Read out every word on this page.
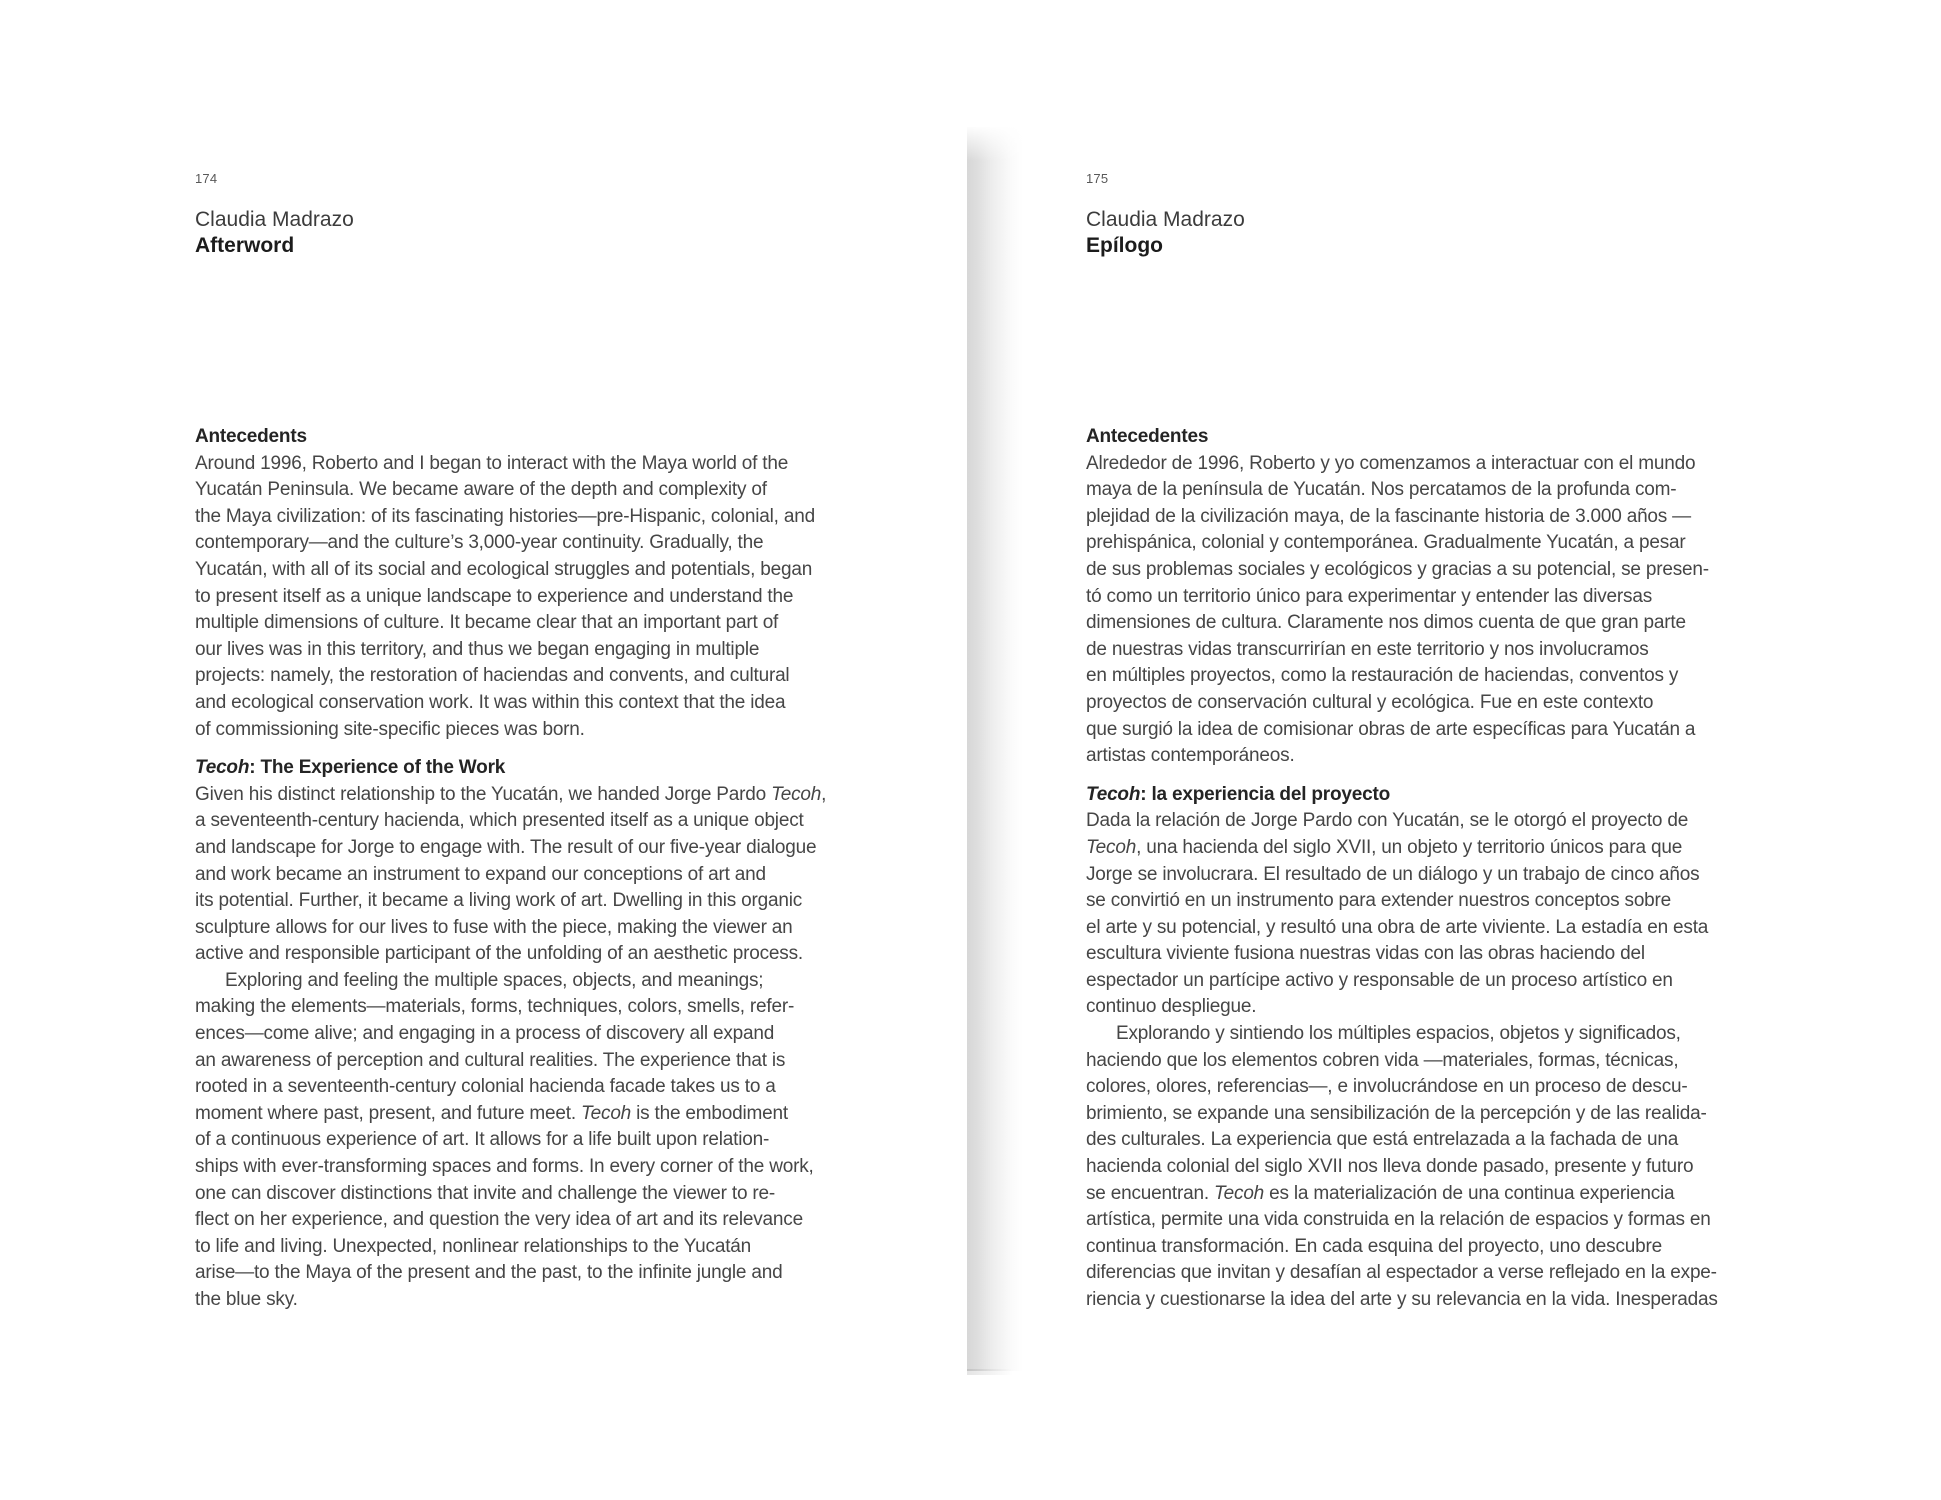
174
Claudia Madrazo
Afterword
Antecedents
Around 1996, Roberto and I began to interact with the Maya world of the
Yucatán Peninsula. We became aware of the depth and complexity of
the Maya civilization: of its fascinating histories—pre-Hispanic, colonial, and
contemporary—and the culture’s 3,000-year continuity. Gradually, the
Yucatán, with all of its social and ecological struggles and potentials, began
to present itself as a unique landscape to experience and understand the
multiple dimensions of culture. It became clear that an important part of
our lives was in this territory, and thus we began engaging in multiple
projects: namely, the restoration of haciendas and convents, and cultural
and ecological conservation work. It was within this context that the idea
of commissioning site-specific pieces was born.
Tecoh: The Experience of the Work
Given his distinct relationship to the Yucatán, we handed Jorge Pardo Tecoh,
a seventeenth-century hacienda, which presented itself as a unique object
and landscape for Jorge to engage with. The result of our five-year dialogue
and work became an instrument to expand our conceptions of art and
its potential. Further, it became a living work of art. Dwelling in this organic
sculpture allows for our lives to fuse with the piece, making the viewer an
active and responsible participant of the unfolding of an aesthetic process.
Exploring and feeling the multiple spaces, objects, and meanings;
making the elements—materials, forms, techniques, colors, smells, refer-
ences—come alive; and engaging in a process of discovery all expand
an awareness of perception and cultural realities. The experience that is
rooted in a seventeenth-century colonial hacienda facade takes us to a
moment where past, present, and future meet. Tecoh is the embodiment
of a continuous experience of art. It allows for a life built upon relation-
ships with ever-transforming spaces and forms. In every corner of the work,
one can discover distinctions that invite and challenge the viewer to re-
flect on her experience, and question the very idea of art and its relevance
to life and living. Unexpected, nonlinear relationships to the Yucatán
arise—to the Maya of the present and the past, to the infinite jungle and
the blue sky.
175
Claudia Madrazo
Epílogo
Antecedentes
Alrededor de 1996, Roberto y yo comenzamos a interactuar con el mundo
maya de la península de Yucatán. Nos percatamos de la profunda com-
plejidad de la civilización maya, de la fascinante historia de 3.000 años —
prehispánica, colonial y contemporánea. Gradualmente Yucatán, a pesar
de sus problemas sociales y ecológicos y gracias a su potencial, se presen-
tó como un territorio único para experimentar y entender las diversas
dimensiones de cultura. Claramente nos dimos cuenta de que gran parte
de nuestras vidas transcurrirían en este territorio y nos involucramos
en múltiples proyectos, como la restauración de haciendas, conventos y
proyectos de conservación cultural y ecológica. Fue en este contexto
que surgió la idea de comisionar obras de arte específicas para Yucatán a
artistas contemporáneos.
Tecoh: la experiencia del proyecto
Dada la relación de Jorge Pardo con Yucatán, se le otorgó el proyecto de
Tecoh, una hacienda del siglo XVII, un objeto y territorio únicos para que
Jorge se involucrara. El resultado de un diálogo y un trabajo de cinco años
se convirtió en un instrumento para extender nuestros conceptos sobre
el arte y su potencial, y resultó una obra de arte viviente. La estadía en esta
escultura viviente fusiona nuestras vidas con las obras haciendo del
espectador un partícipe activo y responsable de un proceso artístico en
continuo despliegue.
Explorando y sintiendo los múltiples espacios, objetos y significados,
haciendo que los elementos cobren vida —materiales, formas, técnicas,
colores, olores, referencias—, e involucrándose en un proceso de descu-
brimiento, se expande una sensibilización de la percepción y de las realida-
des culturales. La experiencia que está entrelazada a la fachada de una
hacienda colonial del siglo XVII nos lleva donde pasado, presente y futuro
se encuentran. Tecoh es la materialización de una continua experiencia
artística, permite una vida construida en la relación de espacios y formas en
continua transformación. En cada esquina del proyecto, uno descubre
diferencias que invitan y desafían al espectador a verse reflejado en la expe-
riencia y cuestionarse la idea del arte y su relevancia en la vida. Inesperadas
